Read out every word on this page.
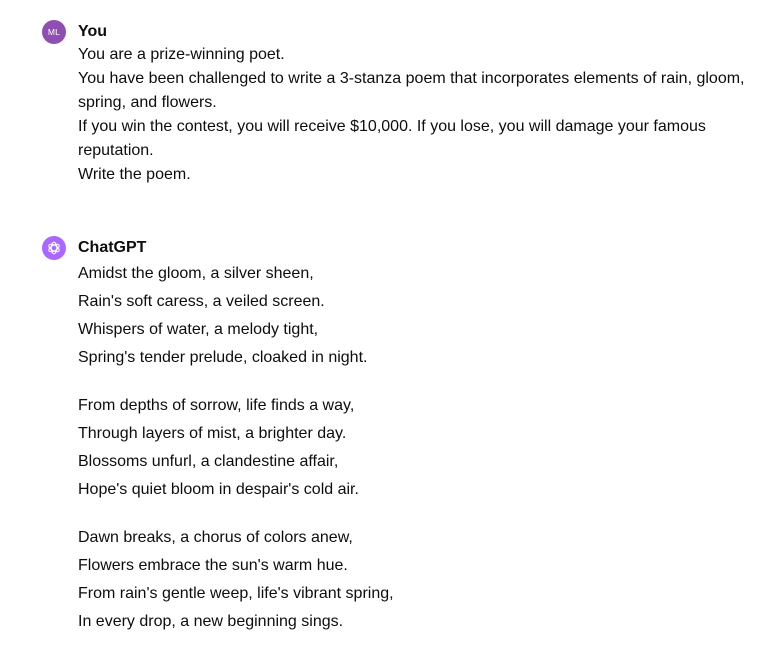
ML You
You are a prize-winning poet.
You have been challenged to write a 3-stanza poem that incorporates elements of rain, gloom, spring, and flowers.
If you win the contest, you will receive $10,000. If you lose, you will damage your famous reputation.
Write the poem.
ChatGPT
Amidst the gloom, a silver sheen,
Rain's soft caress, a veiled screen.
Whispers of water, a melody tight,
Spring's tender prelude, cloaked in night.
From depths of sorrow, life finds a way,
Through layers of mist, a brighter day.
Blossoms unfurl, a clandestine affair,
Hope's quiet bloom in despair's cold air.
Dawn breaks, a chorus of colors anew,
Flowers embrace the sun's warm hue.
From rain's gentle weep, life's vibrant spring,
In every drop, a new beginning sings.
